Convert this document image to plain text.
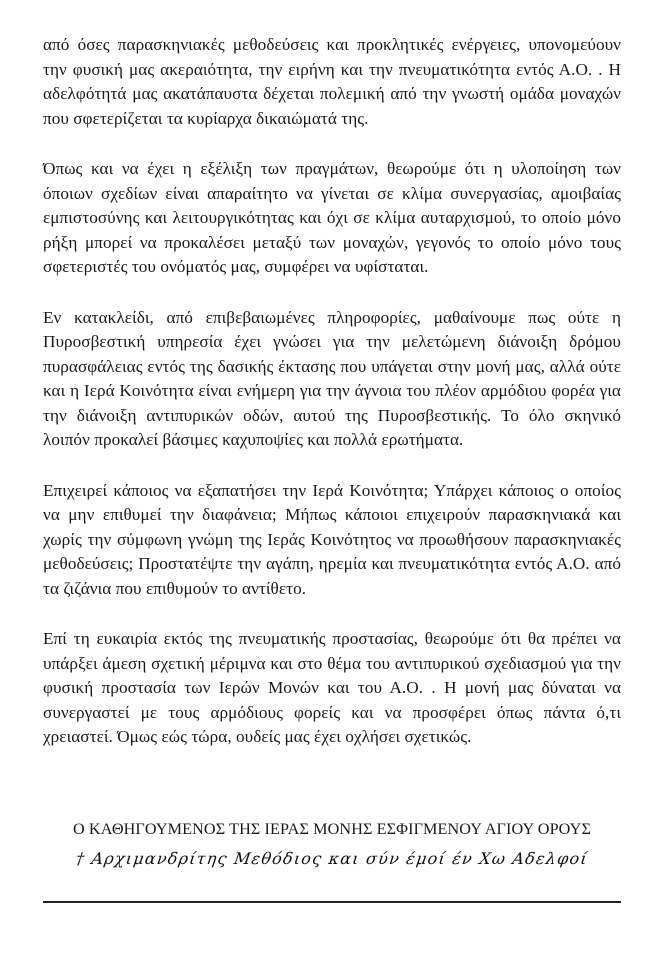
από όσες παρασκηνιακές μεθοδεύσεις και προκλητικές ενέργειες, υπονομεύουν την φυσική μας ακεραιότητα, την ειρήνη και την πνευματικότητα εντός Α.Ο. . Η αδελφότητά μας ακατάπαυστα δέχεται πολεμική από την γνωστή ομάδα μοναχών που σφετερίζεται τα κυρίαρχα δικαιώματά της.

Όπως και να έχει η εξέλιξη των πραγμάτων, θεωρούμε ότι η υλοποίηση των όποιων σχεδίων είναι απαραίτητο να γίνεται σε κλίμα συνεργασίας, αμοιβαίας εμπιστοσύνης και λειτουργικότητας και όχι σε κλίμα αυταρχισμού, το οποίο μόνο ρήξη μπορεί να προκαλέσει μεταξύ των μοναχών, γεγονός το οποίο μόνο τους σφετεριστές του ονόματός μας, συμφέρει να υφίσταται.

Εν κατακλείδι, από επιβεβαιωμένες πληροφορίες, μαθαίνουμε πως ούτε η Πυροσβεστική υπηρεσία έχει γνώσει για την μελετώμενη διάνοιξη δρόμου πυρασφάλειας εντός της δασικής έκτασης που υπάγεται στην μονή μας, αλλά ούτε και η Ιερά Κοινότητα είναι ενήμερη για την άγνοια του πλέον αρμόδιου φορέα για την διάνοιξη αντιπυρικών οδών, αυτού της Πυροσβεστικής. Το όλο σκηνικό λοιπόν προκαλεί βάσιμες καχυποψίες και πολλά ερωτήματα.

Επιχειρεί κάποιος να εξαπατήσει την Ιερά Κοινότητα; Υπάρχει κάποιος ο οποίος να μην επιθυμεί την διαφάνεια; Μήπως κάποιοι επιχειρούν παρασκηνιακά και χωρίς την σύμφωνη γνώμη της Ιεράς Κοινότητος να προωθήσουν παρασκηνιακές μεθοδεύσεις; Προστατέψτε την αγάπη, ηρεμία και πνευματικότητα εντός Α.Ο. από τα ζιζάνια που επιθυμούν το αντίθετο.

Επί τη ευκαιρία εκτός της πνευματικής προστασίας, θεωρούμε ότι θα πρέπει να υπάρξει άμεση σχετική μέριμνα και στο θέμα του αντιπυρικού σχεδιασμού για την φυσική προστασία των Ιερών Μονών και του Α.Ο. . Η μονή μας δύναται να συνεργαστεί με τους αρμόδιους φορείς και να προσφέρει όπως πάντα ό,τι χρειαστεί. Όμως εώς τώρα, ουδείς μας έχει οχλήσει σχετικώς.

Ο ΚΑΘΗΓΟΥΜΕΝΟΣ ΤΗΣ ΙΕΡΑΣ ΜΟΝΗΣ ΕΣΦΙΓΜΕΝΟΥ ΑΓΙΟΥ ΟΡΟΥΣ

† Αρχιμανδρίτης Μεθόδιος και σύν έμοί έν Χω Αδελφοί
